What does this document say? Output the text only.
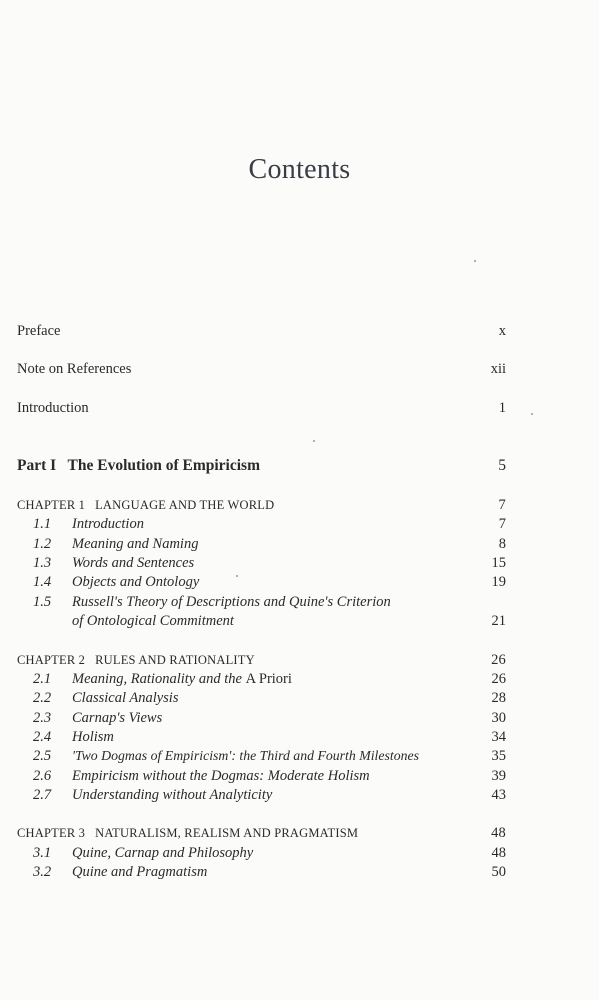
Contents
Preface	x
Note on References	xii
Introduction	1
Part I   The Evolution of Empiricism	5
CHAPTER 1   LANGUAGE AND THE WORLD	7
1.1 Introduction	7
1.2 Meaning and Naming	8
1.3 Words and Sentences	15
1.4 Objects and Ontology	19
1.5 Russell's Theory of Descriptions and Quine's Criterion
of Ontological Commitment	21
CHAPTER 2   RULES AND RATIONALITY	26
2.1 Meaning, Rationality and the A Priori	26
2.2 Classical Analysis	28
2.3 Carnap's Views	30
2.4 Holism	34
2.5 'Two Dogmas of Empiricism': the Third and Fourth Milestones	35
2.6 Empiricism without the Dogmas: Moderate Holism	39
2.7 Understanding without Analyticity	43
CHAPTER 3   NATURALISM, REALISM AND PRAGMATISM	48
3.1 Quine, Carnap and Philosophy	48
3.2 Quine and Pragmatism	50
